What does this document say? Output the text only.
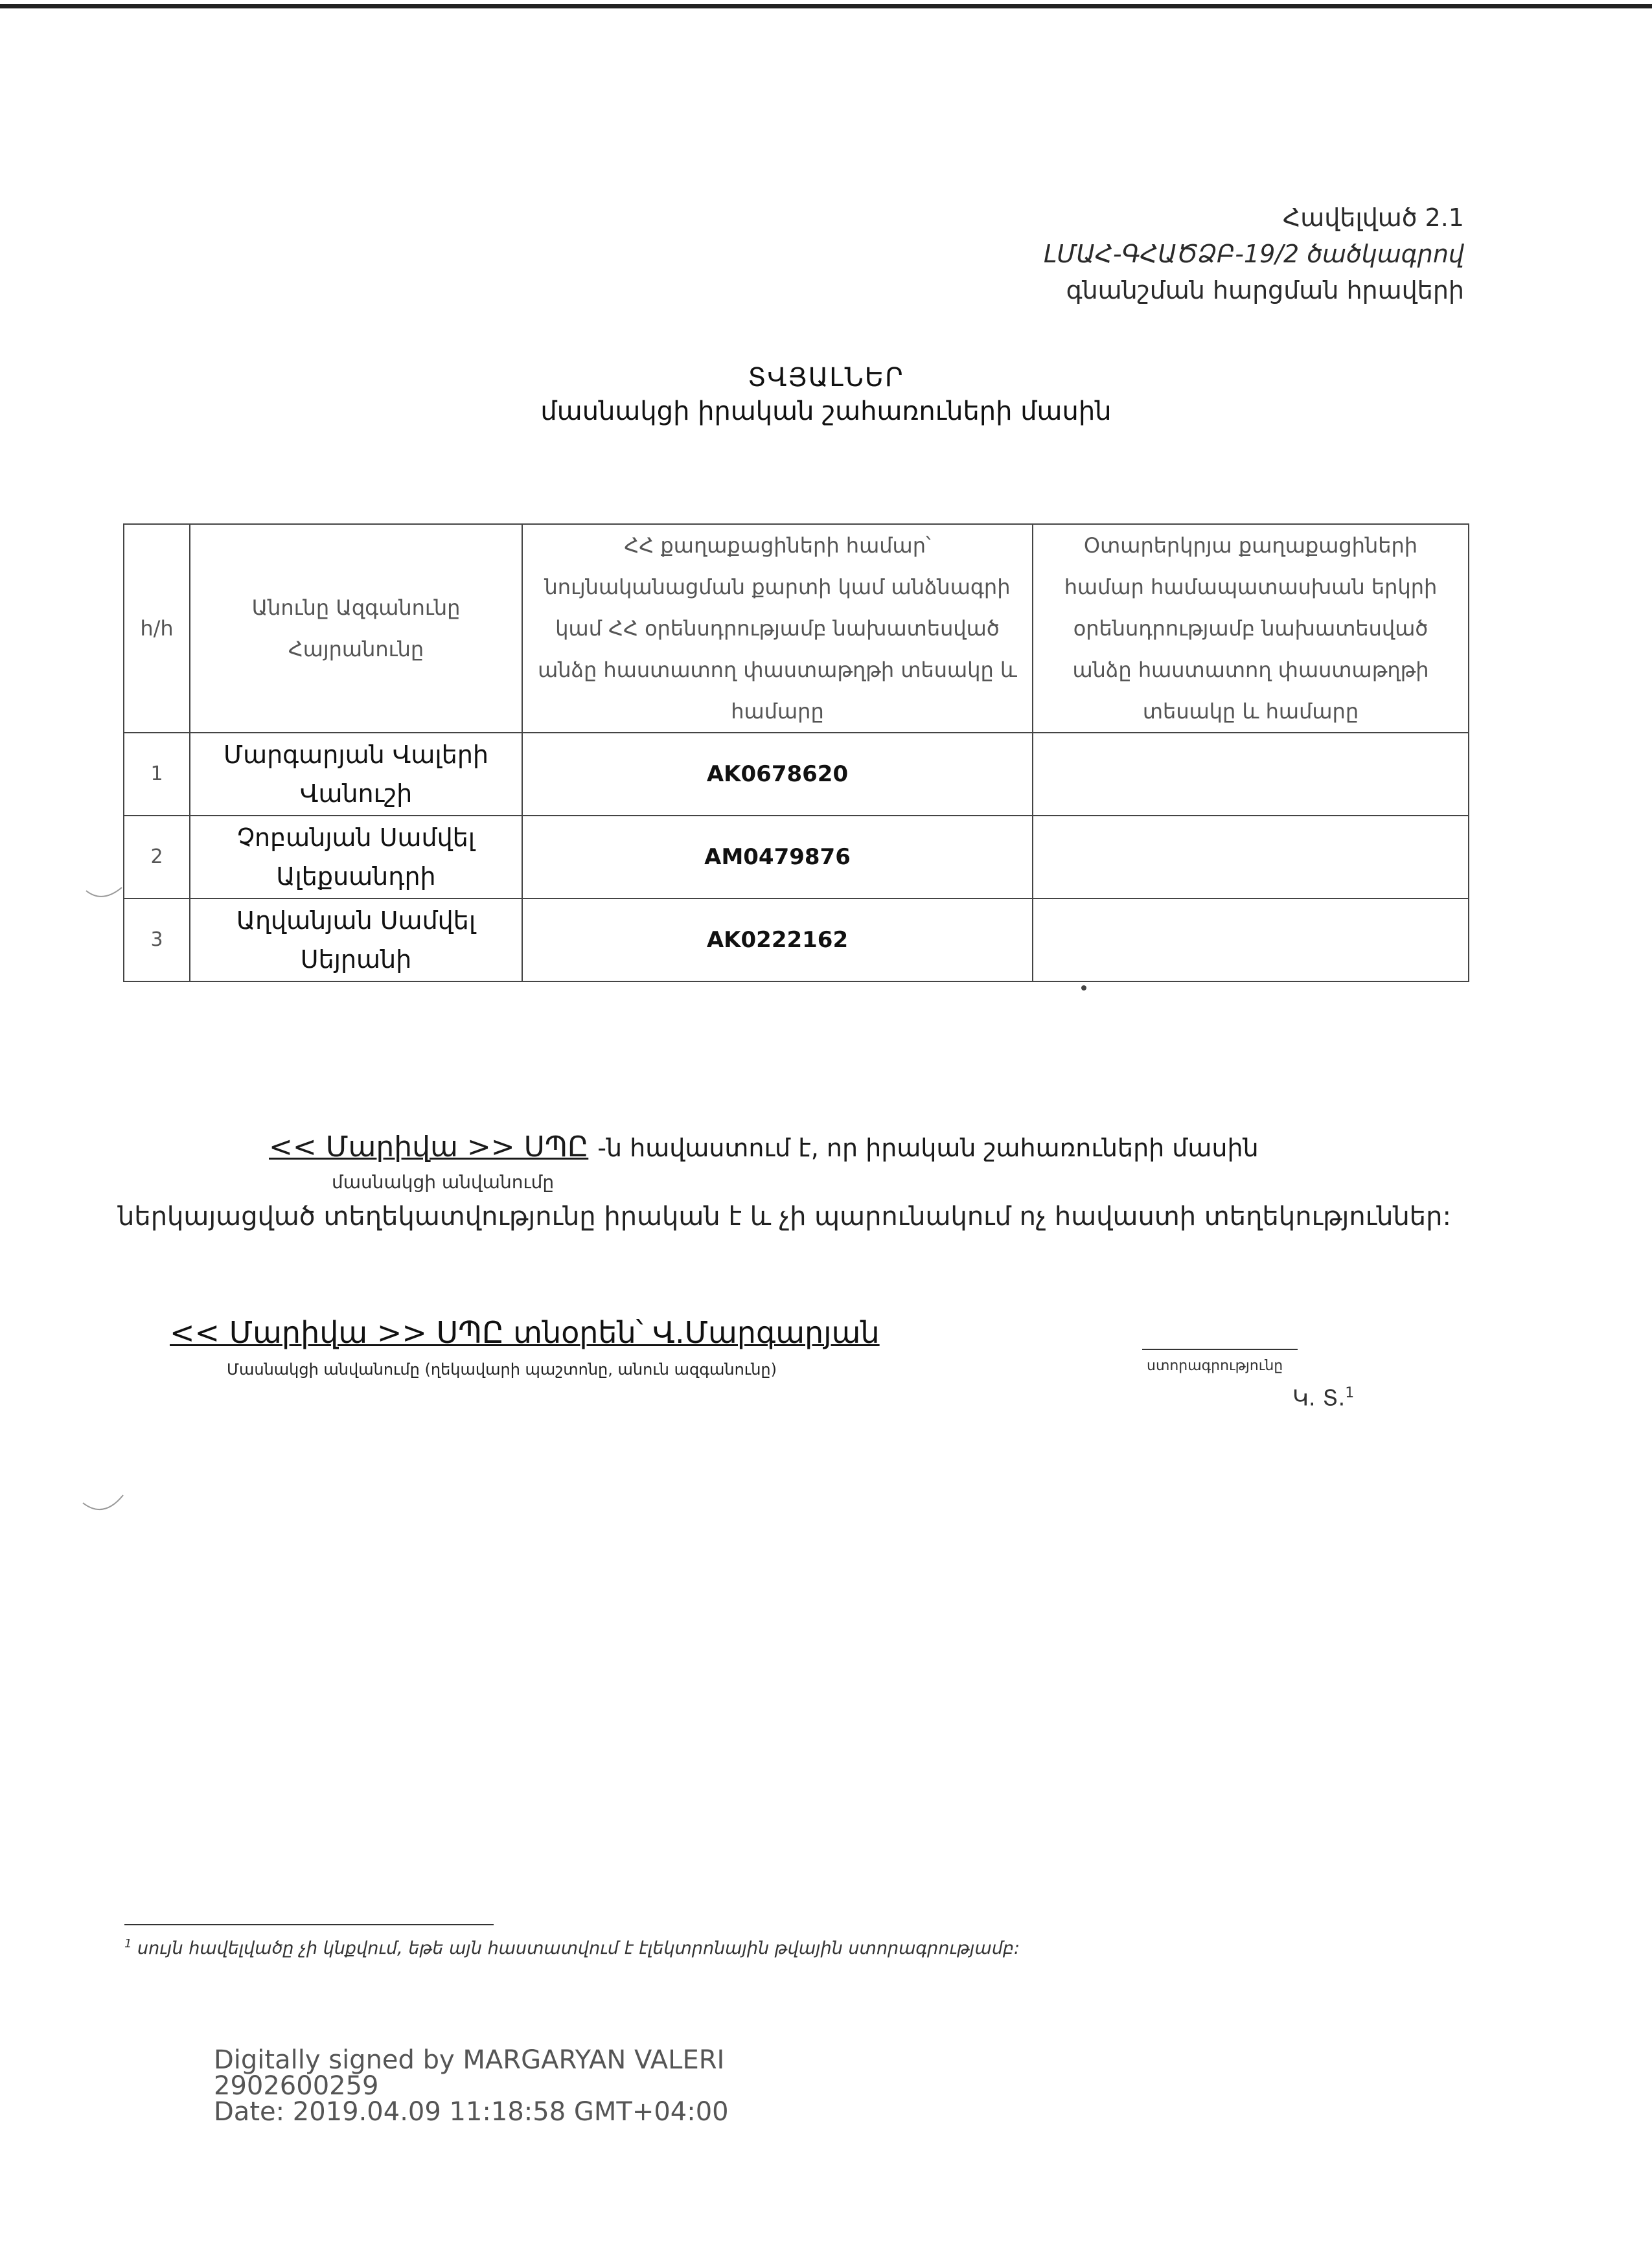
Հավելված 2.1
ԼՄԱՀ-ԳՀԱԾՁԲ-19/2 ծածկագրով
գնանշման հարցման հրավերի
ՏՎՅԱԼՆԵՐ
մասնակցի իրական շահառուների մասին
հ/հ	Անունը Ազգանունը Հայրանունը	ՀՀ քաղաքացիների համար՝ նույնականացման քարտի կամ անձնագրի կամ ՀՀ օրենսդրությամբ նախատեսված անձը հաստատող փաստաթղթի տեսակը և համարը	Օտարերկրյա քաղաքացիների համար համապատասխան երկրի օրենսդրությամբ նախատեսված անձը հաստատող փաստաթղթի տեսակը և համարը
1	Մարգարյան Վալերի Վանուշի	AK0678620	
2	Չոբանյան Սամվել Ալեքսանդրի	AM0479876	
3	Աղվանյան Սամվել Սեյրանի	AK0222162	
<< Մարիվա >> ՍՊԸ -ն հավաստում է, որ իրական շահառուների մասին
մասնակցի անվանումը
ներկայացված տեղեկատվությունը իրական է և չի պարունակում ոչ հավաստի տեղեկություններ:
<< Մարիվա >> ՍՊԸ տնօրեն՝ Վ.Մարգարյան
Մասնակցի անվանումը (ղեկավարի պաշտոնը, անուն ազգանունը)	ստորագրությունը
Կ. Տ.$^1$
$^1$ սույն հավելվածը չի կնքվում, եթե այն հաստատվում է էլեկտրոնային թվային ստորագրությամբ:
Digitally signed by MARGARYAN VALERI
2902600259
Date: 2019.04.09 11:18:58 GMT+04:00
